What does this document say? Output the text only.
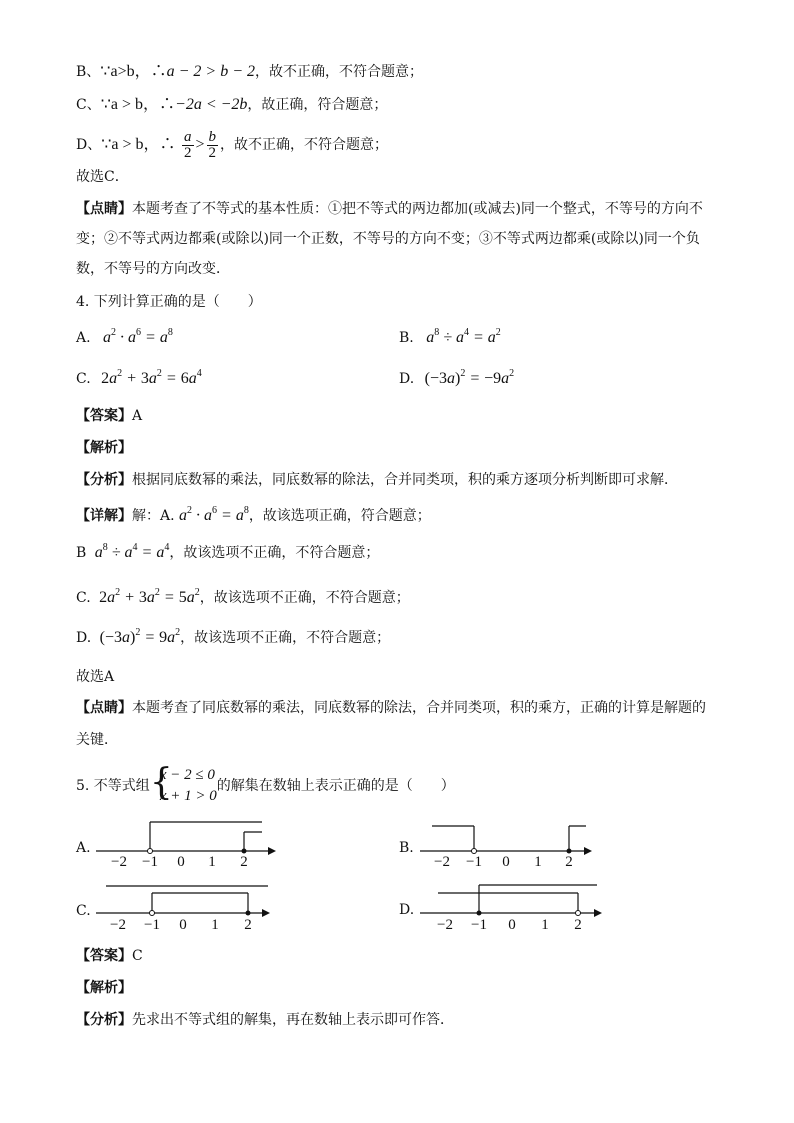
B、∵a>b，∴a − 2 > b − 2，故不正确，不符合题意；
C、∵a > b，∴−2a < −2b，故正确，符合题意；
D、∵a > b，∴ $\frac{a}{2} > \frac{b}{2}$ ，故不正确，不符合题意；
故选C．
【点睛】本题考查了不等式的基本性质：①把不等式的两边都加(或减去)同一个整式，不等号的方向不
变；②不等式两边都乘(或除以)同一个正数，不等号的方向不变；③不等式两边都乘(或除以)同一个负
数，不等号的方向改变．
4. 下列计算正确的是（　　）
A. $a^2 \cdot a^6 = a^8$	B. $a^8 \div a^4 = a^2$
C. $2a^2 + 3a^2 = 6a^4$	D. $(-3a)^2 = -9a^2$
【答案】A
【解析】
【分析】根据同底数幂的乘法，同底数幂的除法，合并同类项，积的乘方逐项分析判断即可求解．
【详解】解：A. $a^2 \cdot a^6 = a^8$，故该选项正确，符合题意；
B $a^8 \div a^4 = a^4$，故该选项不正确，不符合题意；
C. $2a^2 + 3a^2 = 5a^2$，故该选项不正确，不符合题意；
D. $(-3a)^2 = 9a^2$，故该选项不正确，不符合题意；
故选A
【点睛】本题考查了同底数幂的乘法，同底数幂的除法，合并同类项，积的乘方，正确的计算是解题的
关键．
5. 不等式组 {
x − 2 ≤ 0
x + 1 > 0
的解集在数轴上表示正确的是（　　）
A.	B.
C.	D.
−2 −1 0 1 2	−2 −1 0 1 2
−2 −1 0 1 2	−2 −1 0 1 2
【答案】C
【解析】
【分析】先求出不等式组的解集，再在数轴上表示即可作答．
